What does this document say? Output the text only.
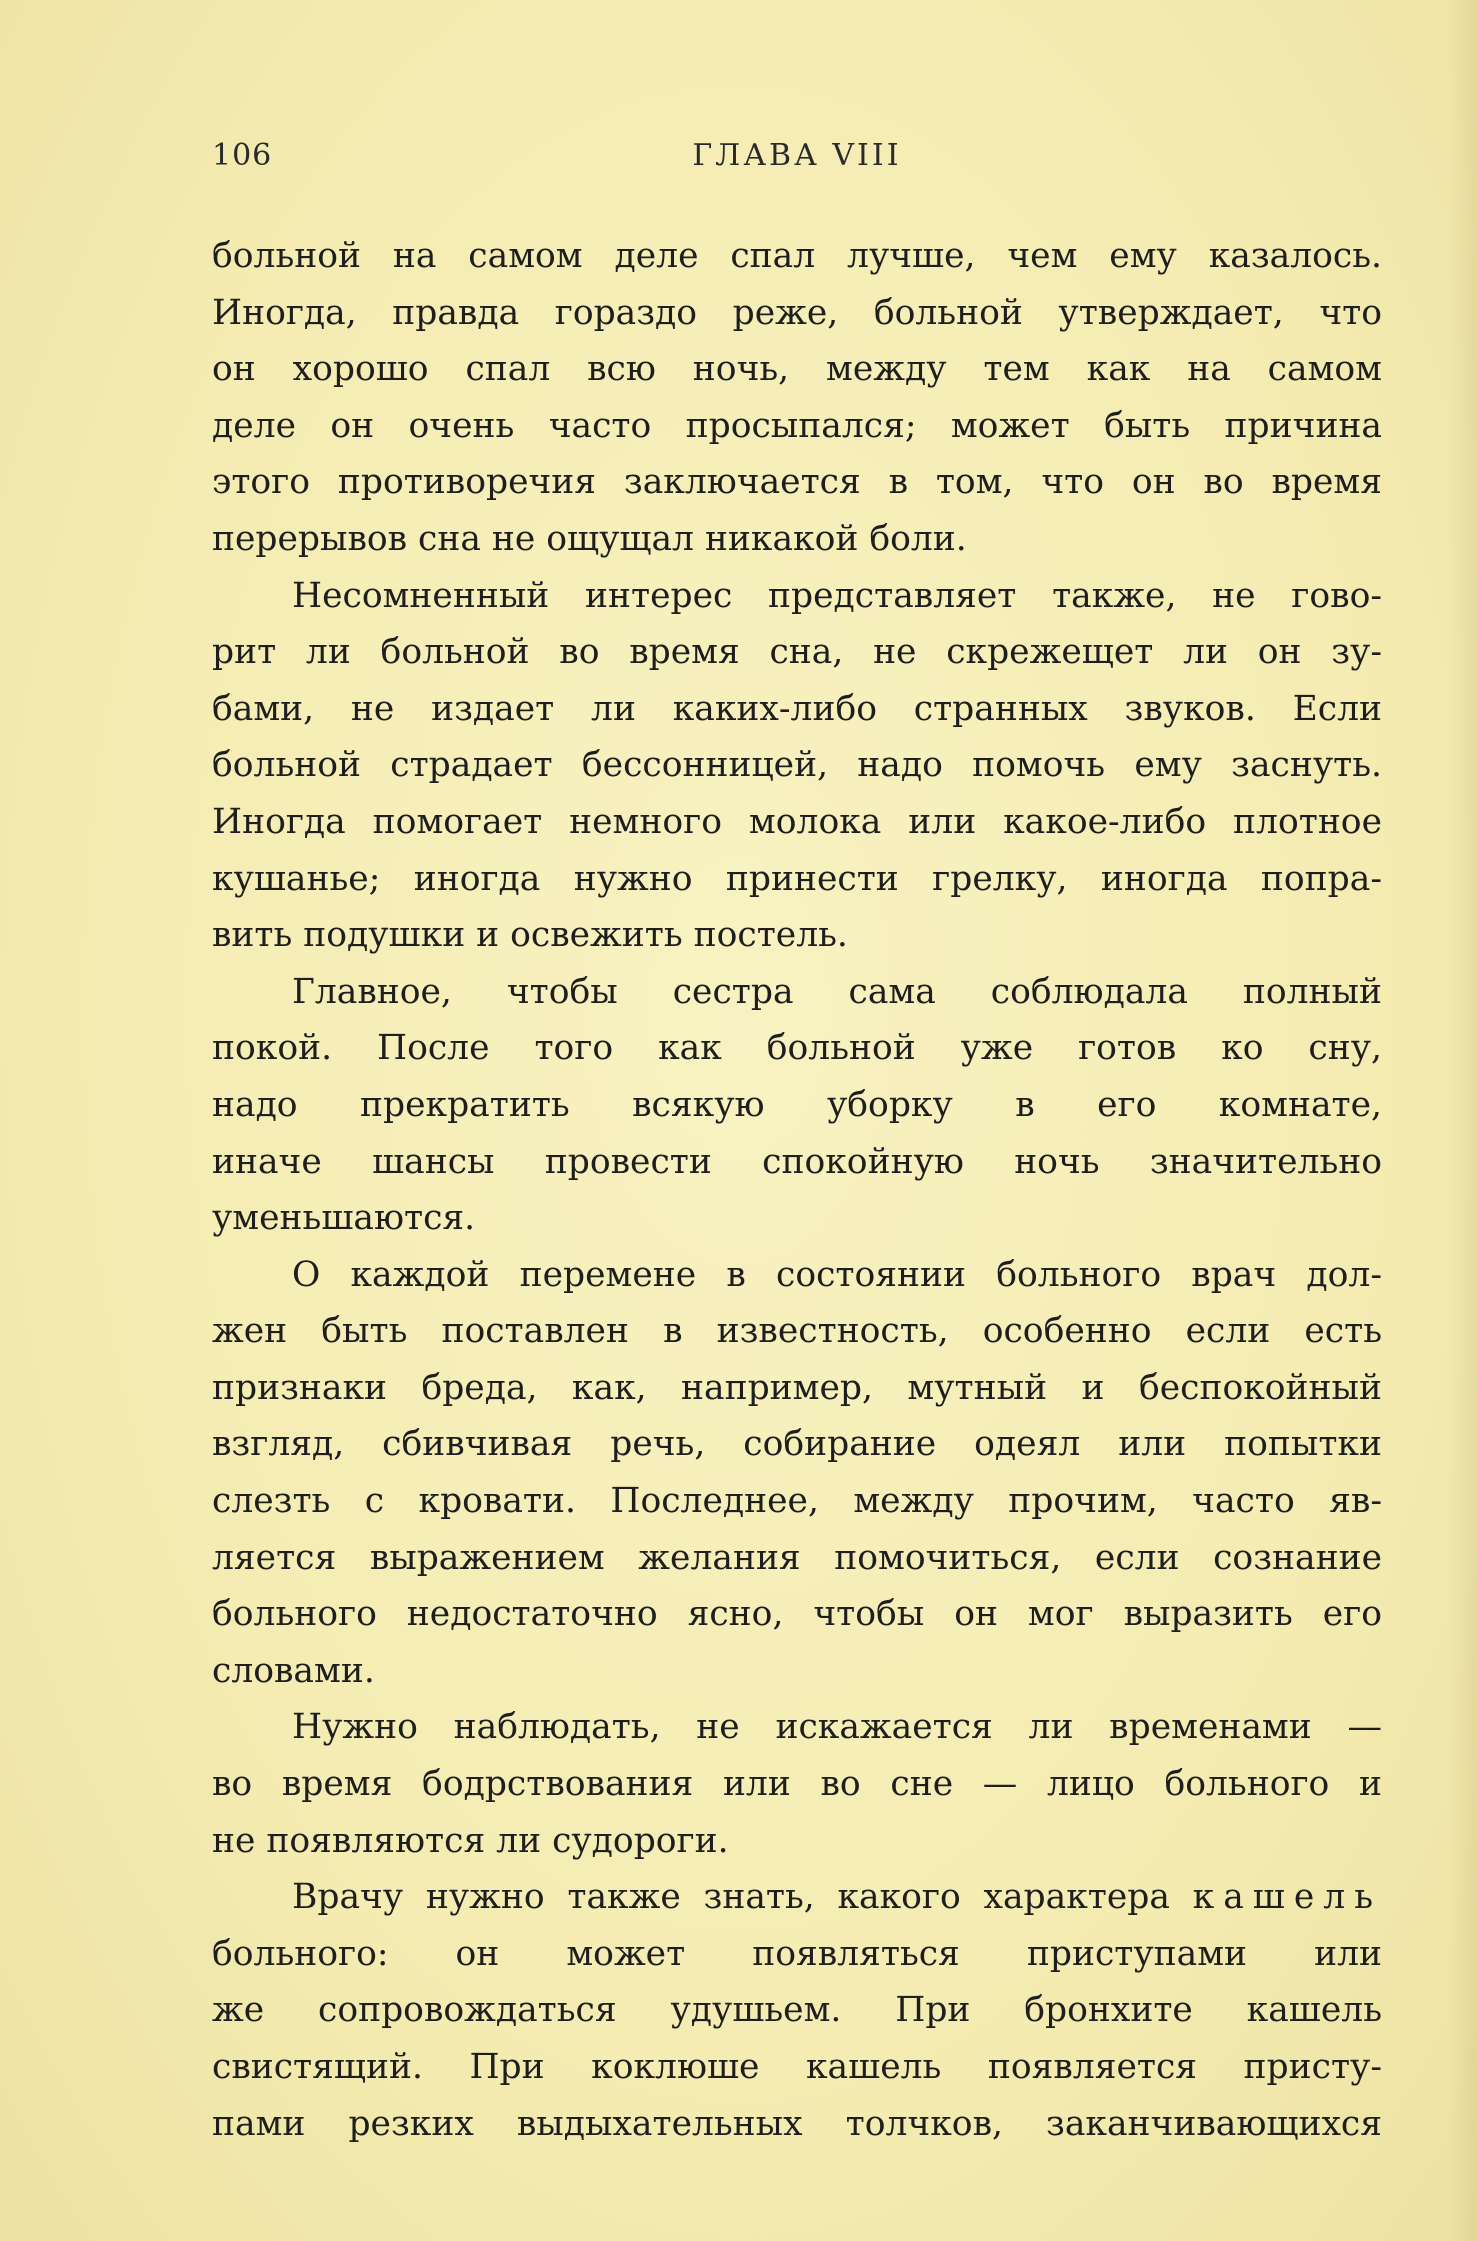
106	ГЛАВА VIII
больной на самом деле спал лучше, чем ему казалось.
Иногда, правда гораздо реже, больной утверждает, что
он хорошо спал всю ночь, между тем как на самом
деле он очень часто просыпался; может быть причина
этого противоречия заключается в том, что он во время
перерывов сна не ощущал никакой боли.
Несомненный интерес представляет также, не гово-
рит ли больной во время сна, не скрежещет ли он зу-
бами, не издает ли каких-либо странных звуков. Если
больной страдает бессонницей, надо помочь ему заснуть.
Иногда помогает немного молока или какое-либо плотное
кушанье; иногда нужно принести грелку, иногда попра-
вить подушки и освежить постель.
Главное, чтобы сестра сама соблюдала полный
покой. После того как больной уже готов ко сну,
надо прекратить всякую уборку в его комнате,
иначе шансы провести спокойную ночь значительно
уменьшаются.
О каждой перемене в состоянии больного врач дол-
жен быть поставлен в известность, особенно если есть
признаки бреда, как, например, мутный и беспокойный
взгляд, сбивчивая речь, собирание одеял или попытки
слезть с кровати. Последнее, между прочим, часто яв-
ляется выражением желания помочиться, если сознание
больного недостаточно ясно, чтобы он мог выразить его
словами.
Нужно наблюдать, не искажается ли временами —
во время бодрствования или во сне — лицо больного и
не появляются ли судороги.
Врачу нужно также знать, какого характера кашель
больного: он может появляться приступами или
же сопровождаться удушьем. При бронхите кашель
свистящий. При коклюше кашель появляется присту-
пами резких выдыхательных толчков, заканчивающихся
